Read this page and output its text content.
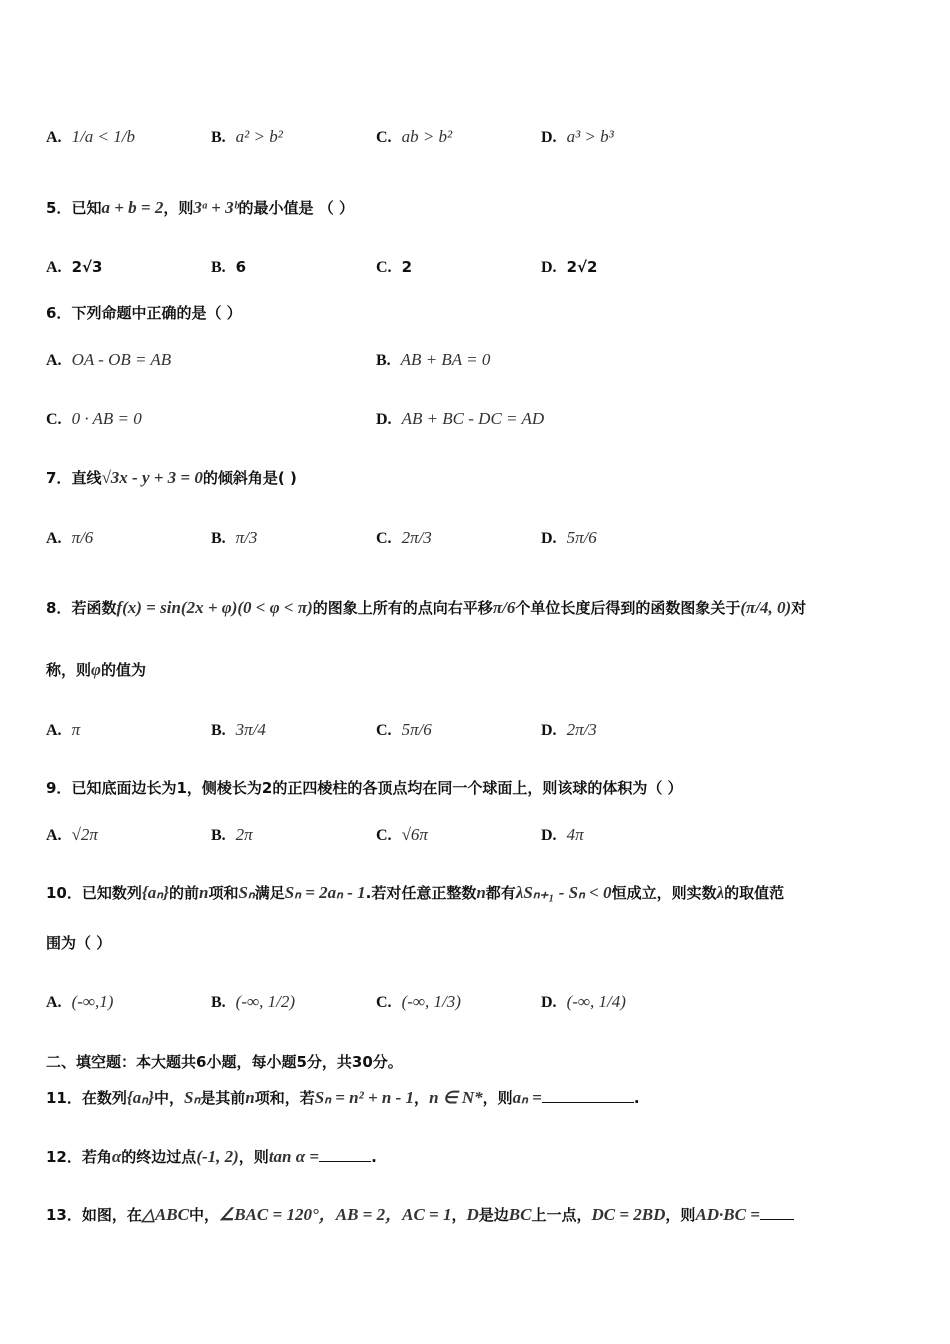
A. 1/a < 1/b	B. a² > b²	C. ab > b²	D. a³ > b³
5．已知a + b = 2，则3ᵃ + 3ᵇ的最小值是 （ ）
A. 2√3	B. 6	C. 2	D. 2√2
6．下列命题中正确的是（ ）
A. OA - OB = AB	B. AB + BA = 0
C. 0 · AB = 0	D. AB + BC - DC = AD
7．直线√3x - y + 3 = 0的倾斜角是( )
A. π/6	B. π/3	C. 2π/3	D. 5π/6
8．若函数f(x) = sin(2x + φ)(0 < φ < π)的图象上所有的点向右平移π/6个单位长度后得到的函数图象关于(π/4, 0)对
称，则φ的值为
A. π	B. 3π/4	C. 5π/6	D. 2π/3
9．已知底面边长为1，侧棱长为2的正四棱柱的各顶点均在同一个球面上，则该球的体积为（ ）
A. √2π	B. 2π	C. √6π	D. 4π
10．已知数列{aₙ}的前n项和Sₙ满足Sₙ = 2aₙ - 1.若对任意正整数n都有λSₙ₊₁ - Sₙ < 0恒成立，则实数λ的取值范
围为（ ）
A. (-∞,1)	B. (-∞, 1/2)	C. (-∞, 1/3)	D. (-∞, 1/4)
二、填空题：本大题共6小题，每小题5分，共30分。
11．在数列{aₙ}中，Sₙ是其前n项和，若Sₙ = n² + n - 1，n ∈ N*，则aₙ =	.
12．若角α的终边过点(-1, 2)，则tan α =	.
13．如图，在△ABC中，∠BAC = 120°，AB = 2，AC = 1，D是边BC上一点，DC = 2BD，则AD·BC =
